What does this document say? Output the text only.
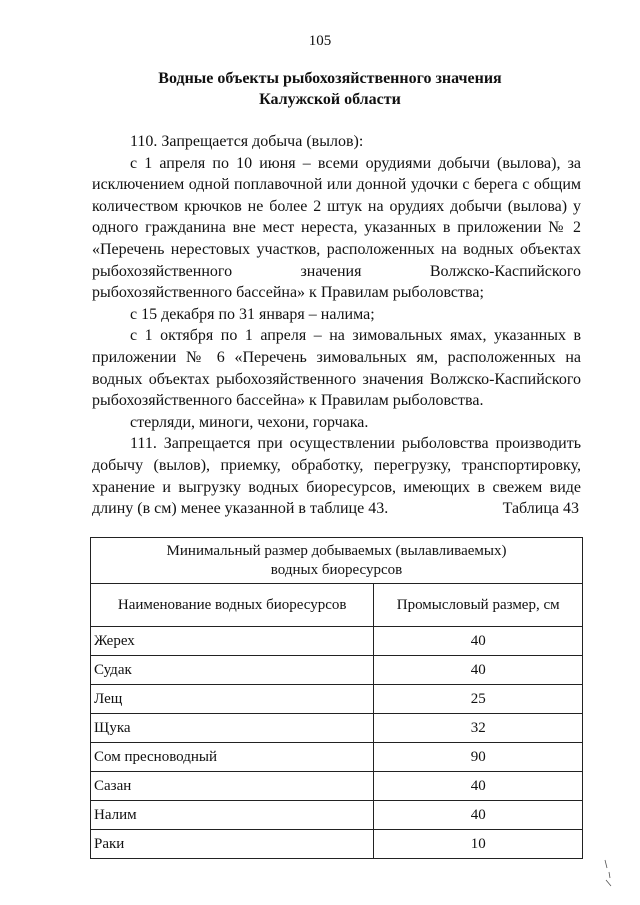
105
Водные объекты рыбохозяйственного значения
Калужской области

110. Запрещается добыча (вылов):

с 1 апреля по 10 июня – всеми орудиями добычи (вылова), за исключением одной поплавочной или донной удочки с берега с общим количеством крючков не более 2 штук на орудиях добычи (вылова) у одного гражданина вне мест нереста, указанных в приложении № 2 «Перечень нерестовых участков, расположенных на водных объектах рыбохозяйственного значения Волжско-Каспийского рыбохозяйственного бассейна» к Правилам рыболовства;

с 15 декабря по 31 января – налима;

с 1 октября по 1 апреля – на зимовальных ямах, указанных в приложении № 6 «Перечень зимовальных ям, расположенных на водных объектах рыбохозяйственного значения Волжско-Каспийского рыбохозяйственного бассейна» к Правилам рыболовства.

стерляди, миноги, чехони, горчака.

111. Запрещается при осуществлении рыболовства производить добычу (вылов), приемку, обработку, перегрузку, транспортировку, хранение и выгрузку водных биоресурсов, имеющих в свежем виде длину (в см) менее указанной в таблице 43.	Таблица 43
Минимальный размер добываемых (вылавливаемых)
водных биоресурсов	
Наименование водных биоресурсов	Промысловый размер, см
Жерех	40
Судак	40
Лещ	25
Щука	32
Сом пресноводный	90
Сазан	40
Налим	40
Раки	10
